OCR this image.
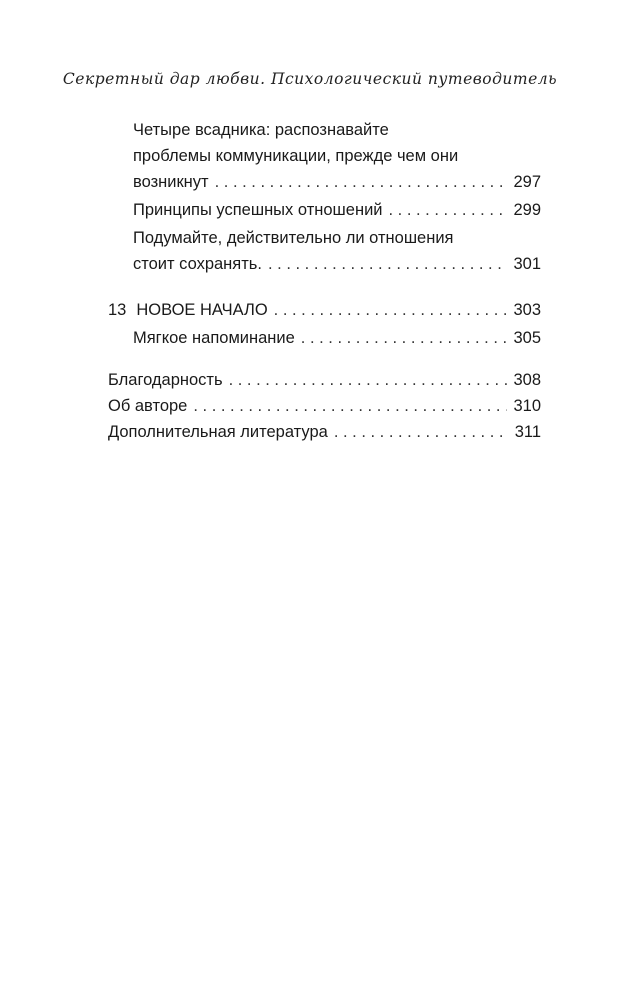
Секретный дар любви. Психологический путеводитель
Четыре всадника: распознавайте
проблемы коммуникации, прежде чем они
возникнут . . .	297
Принципы успешных отношений . . .	299
Подумайте, действительно ли отношения
стоит сохранять. . . .	301
13 НОВОЕ НАЧАЛО . . .	303
Мягкое напоминание . . .	305
Благодарность . . .	308
Об авторе . . .	310
Дополнительная литература . . .	311
